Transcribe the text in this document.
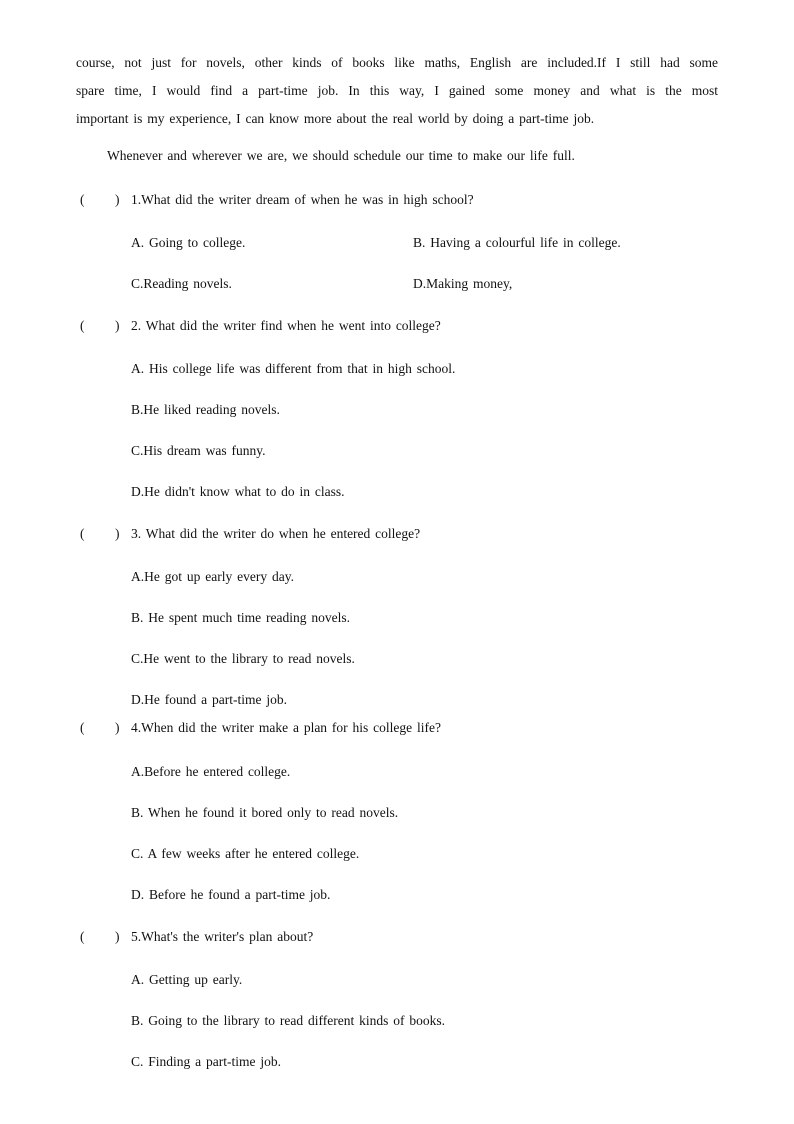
course, not just for novels, other kinds of books like maths, English are included.If I still had some
spare time, I would find a part-time job. In this way, I gained some money and what is the most
important is my experience, I can know more about the real world by doing a part-time job.
Whenever and wherever we are, we should schedule our time to make our life full.
( ) 1.What did the writer dream of when he was in high school?
A. Going to college.	B. Having a colourful life in college.
C.Reading novels.	D.Making money,
( ) 2. What did the writer find when he went into college?
A. His college life was different from that in high school.
B.He liked reading novels.
C.His dream was funny.
D.He didn't know what to do in class.
( ) 3. What did the writer do when he entered college?
A.He got up early every day.
B. He spent much time reading novels.
C.He went to the library to read novels.
D.He found a part-time job.
( ) 4.When did the writer make a plan for his college life?
A.Before he entered college.
B. When he found it bored only to read novels.
C. A few weeks after he entered college.
D. Before he found a part-time job.
( ) 5.What's the writer's plan about?
A. Getting up early.
B. Going to the library to read different kinds of books.
C. Finding a part-time job.
